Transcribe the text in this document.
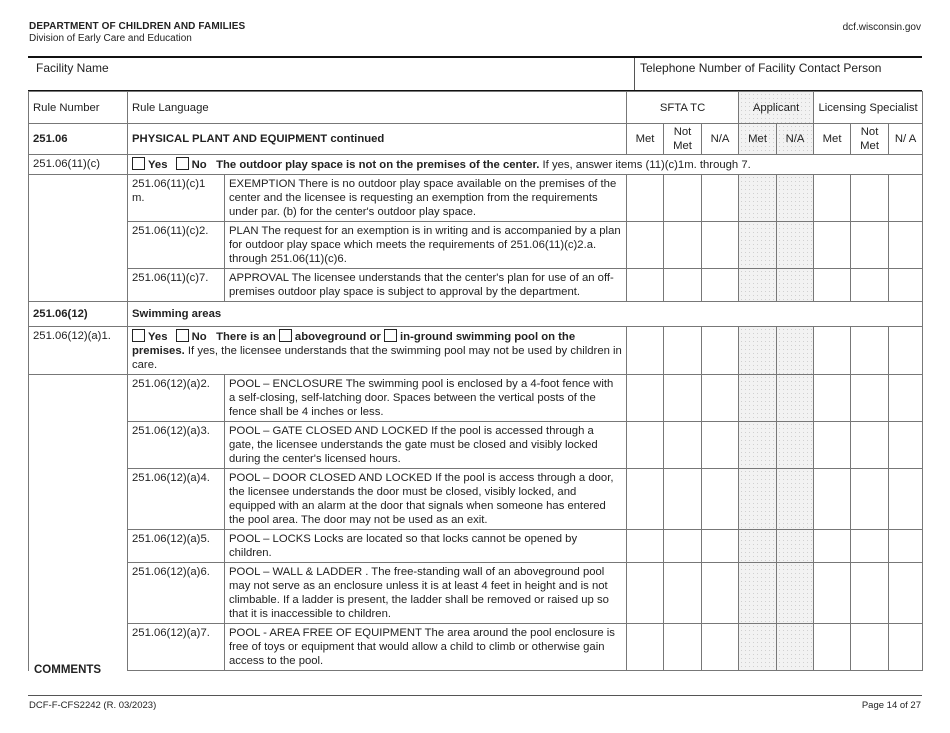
DEPARTMENT OF CHILDREN AND FAMILIES
Division of Early Care and Education
dcf.wisconsin.gov
Facility Name	Telephone Number of Facility Contact Person
Rule Number	Rule Language		SFTA TC			Applicant		Licensing Specialist		
251.06	PHYSICAL PLANT AND EQUIPMENT continued		Met	Not Met	N/A	Met	N/A	Met	Not Met	N/ A
251.06(11)(c)	Yes No The outdoor play space is not on the premises of the center. If yes, answer items (11)(c)1m. through 7.									
	251.06(11)(c)1 m.	EXEMPTION There is no outdoor play space available on the premises of the center and the licensee is requesting an exemption from the requirements under par. (b) for the center's outdoor play space.								
	251.06(11)(c)2.	PLAN The request for an exemption is in writing and is accompanied by a plan for outdoor play space which meets the requirements of 251.06(11)(c)2.a. through 251.06(11)(c)6.								
	251.06(11)(c)7.	APPROVAL The licensee understands that the center's plan for use of an off-premises outdoor play space is subject to approval by the department.								
251.06(12)	Swimming areas									
251.06(12)(a)1.	Yes No There is an aboveground or in-ground swimming pool on the premises. If yes, the licensee understands that the swimming pool may not be used by children in care.									
	251.06(12)(a)2.	POOL – ENCLOSURE The swimming pool is enclosed by a 4-foot fence with a self-closing, self-latching door. Spaces between the vertical posts of the fence shall be 4 inches or less.								
	251.06(12)(a)3.	POOL – GATE CLOSED AND LOCKED If the pool is accessed through a gate, the licensee understands the gate must be closed and visibly locked during the center's licensed hours.								
	251.06(12)(a)4.	POOL – DOOR CLOSED AND LOCKED If the pool is access through a door, the licensee understands the door must be closed, visibly locked, and equipped with an alarm at the door that signals when someone has entered the pool area. The door may not be used as an exit.								
	251.06(12)(a)5.	POOL – LOCKS Locks are located so that locks cannot be opened by children.								
	251.06(12)(a)6.	POOL – WALL & LADDER . The free-standing wall of an aboveground pool may not serve as an enclosure unless it is at least 4 feet in height and is not climbable. If a ladder is present, the ladder shall be removed or raised up so that it is inaccessible to children.								
	251.06(12)(a)7.	POOL - AREA FREE OF EQUIPMENT The area around the pool enclosure is free of toys or equipment that would allow a child to climb or otherwise gain access to the pool.								
COMMENTS
DCF-F-CFS2242 (R. 03/2023)	Page 14 of 27
